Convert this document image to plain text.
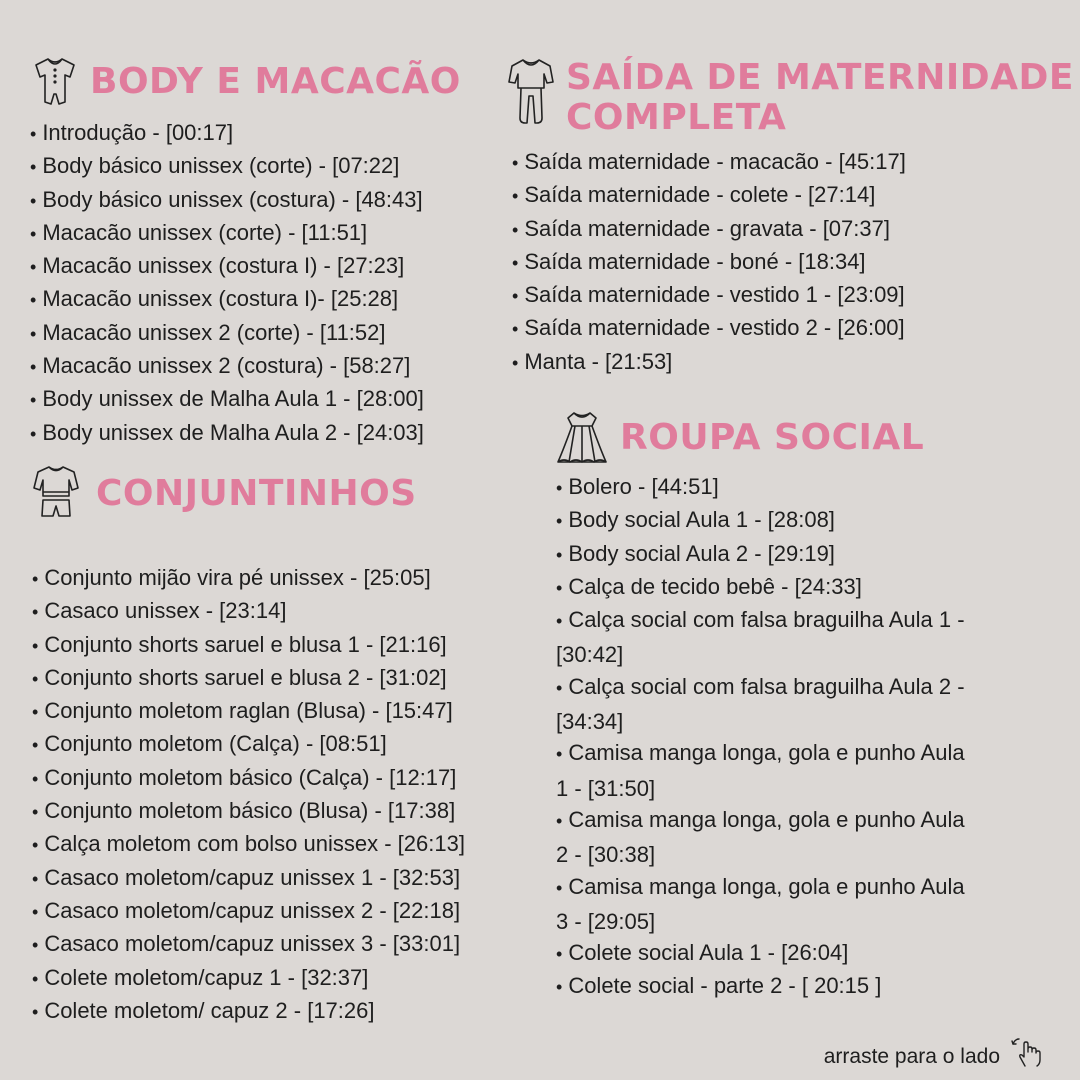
BODY E MACACÃO
• Introdução - [00:17]
• Body básico unissex (corte) - [07:22]
• Body básico unissex (costura) - [48:43]
• Macacão unissex (corte) - [11:51]
• Macacão unissex (costura I) - [27:23]
• Macacão unissex (costura I)- [25:28]
• Macacão unissex 2 (corte) - [11:52]
• Macacão unissex 2 (costura) - [58:27]
• Body unissex de Malha Aula 1 - [28:00]
• Body unissex de Malha Aula 2 - [24:03]
CONJUNTINHOS
• Conjunto mijão vira pé unissex - [25:05]
• Casaco unissex - [23:14]
• Conjunto shorts saruel e blusa 1 - [21:16]
• Conjunto shorts saruel e blusa 2 - [31:02]
• Conjunto moletom raglan (Blusa) - [15:47]
• Conjunto moletom (Calça) - [08:51]
• Conjunto moletom básico (Calça) - [12:17]
• Conjunto moletom básico (Blusa) - [17:38]
• Calça moletom com bolso unissex - [26:13]
• Casaco moletom/capuz unissex 1 - [32:53]
• Casaco moletom/capuz unissex 2 - [22:18]
• Casaco moletom/capuz unissex 3 - [33:01]
• Colete moletom/capuz 1 - [32:37]
• Colete moletom/ capuz 2 - [17:26]
SAÍDA DE MATERNIDADE
COMPLETA
• Saída maternidade - macacão - [45:17]
• Saída maternidade - colete - [27:14]
• Saída maternidade - gravata - [07:37]
• Saída maternidade - boné - [18:34]
• Saída maternidade - vestido 1 - [23:09]
• Saída maternidade - vestido 2 - [26:00]
• Manta - [21:53]
ROUPA SOCIAL
• Bolero - [44:51]
• Body social Aula 1 - [28:08]
• Body social Aula 2 - [29:19]
• Calça de tecido bebê - [24:33]
• Calça social com falsa braguilha Aula 1 - [30:42]
• Calça social com falsa braguilha Aula 2 - [34:34]
• Camisa manga longa, gola e punho Aula 1 - [31:50]
• Camisa manga longa, gola e punho Aula 2 - [30:38]
• Camisa manga longa, gola e punho Aula 3 - [29:05]
• Colete social Aula 1 - [26:04]
• Colete social - parte 2 - [ 20:15 ]
arraste para o lado
